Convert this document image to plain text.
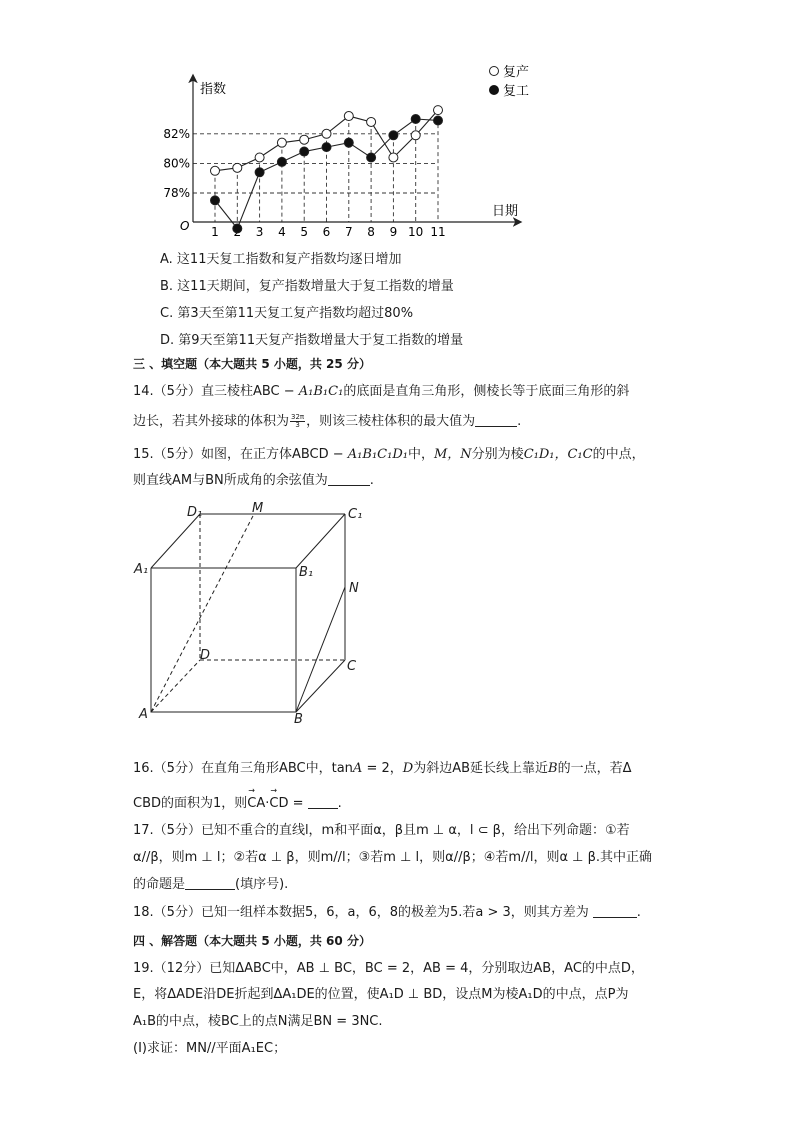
指数
日期
O
82%
80%
78%
1	3 4 5 6 7 8 9 10 11
复产
复工
A. 这11天复工指数和复产指数均逐日增加
B. 这11天期间，复产指数增量大于复工指数的增量
C. 第3天至第11天复工复产指数均超过80%
D. 第9天至第11天复产指数增量大于复工指数的增量
三 、填空题（本大题共 5 小题，共 25 分）
14.（5分）直三棱柱ABC − A₁B₁C₁的底面是直角三角形，侧棱长等于底面三角形的斜
边长，若其外接球的体积为 $\frac{32\pi}{3}$ ，则该三棱柱体积的最大值为	.
15.（5分）如图，在正方体ABCD − A₁B₁C₁D₁中，M，N分别为棱C₁D₁，C₁C的中点，
则直线AM与BN所成角的余弦值为	.
D₁	M	C₁
A₁	B₁
N
D
C
A	B
16.（5分）在直角三角形ABC中，tanA = 2，D为斜边AB延长线上靠近B的一点，若Δ
CBD的面积为1，则→ CA·→ CD = .
17.（5分）已知不重合的直线l，m和平面α，β且m ⊥ α，l ⊂ β，给出下列命题：①若
α//β，则m ⊥ l；②若α ⊥ β，则m//l；③若m ⊥ l，则α//β；④若m//l，则α ⊥ β.其中正确
的命题是	(填序号).
18.（5分）已知一组样本数据5，6，a，6，8的极差为5.若a > 3，则其方差为	.
四 、解答题（本大题共 5 小题，共 60 分）
19.（12分）已知ΔABC中，AB ⊥ BC，BC = 2，AB = 4，分别取边AB，AC的中点D，
E，将ΔADE沿DE折起到ΔA₁DE的位置，使A₁D ⊥ BD，设点M为棱A₁D的中点，点P为
A₁B的中点，棱BC上的点N满足BN = 3NC.
(Ⅰ)求证：MN//平面A₁EC；
